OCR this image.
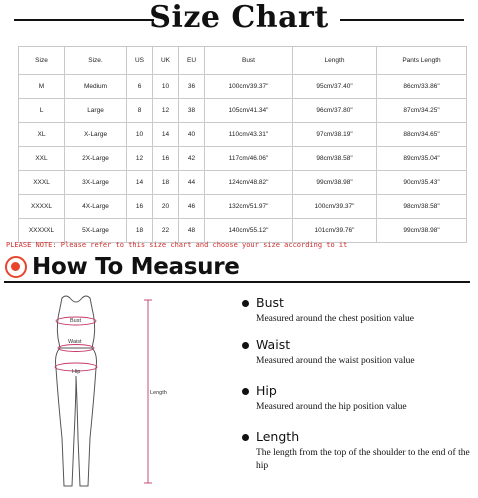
Size Chart
Size	Size.	US	UK	EU	Bust	Length	Pants Length
M	Medium	6	10	36	100cm/39.37"	95cm/37.40"	86cm/33.86"
L	Large	8	12	38	105cm/41.34"	96cm/37.80"	87cm/34.25"
XL	X-Large	10	14	40	110cm/43.31"	97cm/38.19"	88cm/34.65"
XXL	2X-Large	12	16	42	117cm/46.06"	98cm/38.58"	89cm/35.04"
XXXL	3X-Large	14	18	44	124cm/48.82"	99cm/38.98"	90cm/35.43"
XXXXL	4X-Large	16	20	46	132cm/51.97"	100cm/39.37"	98cm/38.58"
XXXXXL	5X-Large	18	22	48	140cm/55.12"	101cm/39.76"	99cm/38.98"
PLEASE NOTE: Please refer to this size chart and choose your size according to it
How To Measure
Bust
Waist
Hip
Length
Bust
Measured around the chest position value
Waist
Measured around the waist position value
Hip
Measured around the hip position value
Length
The length from the top of the shoulder to the end of the hip
